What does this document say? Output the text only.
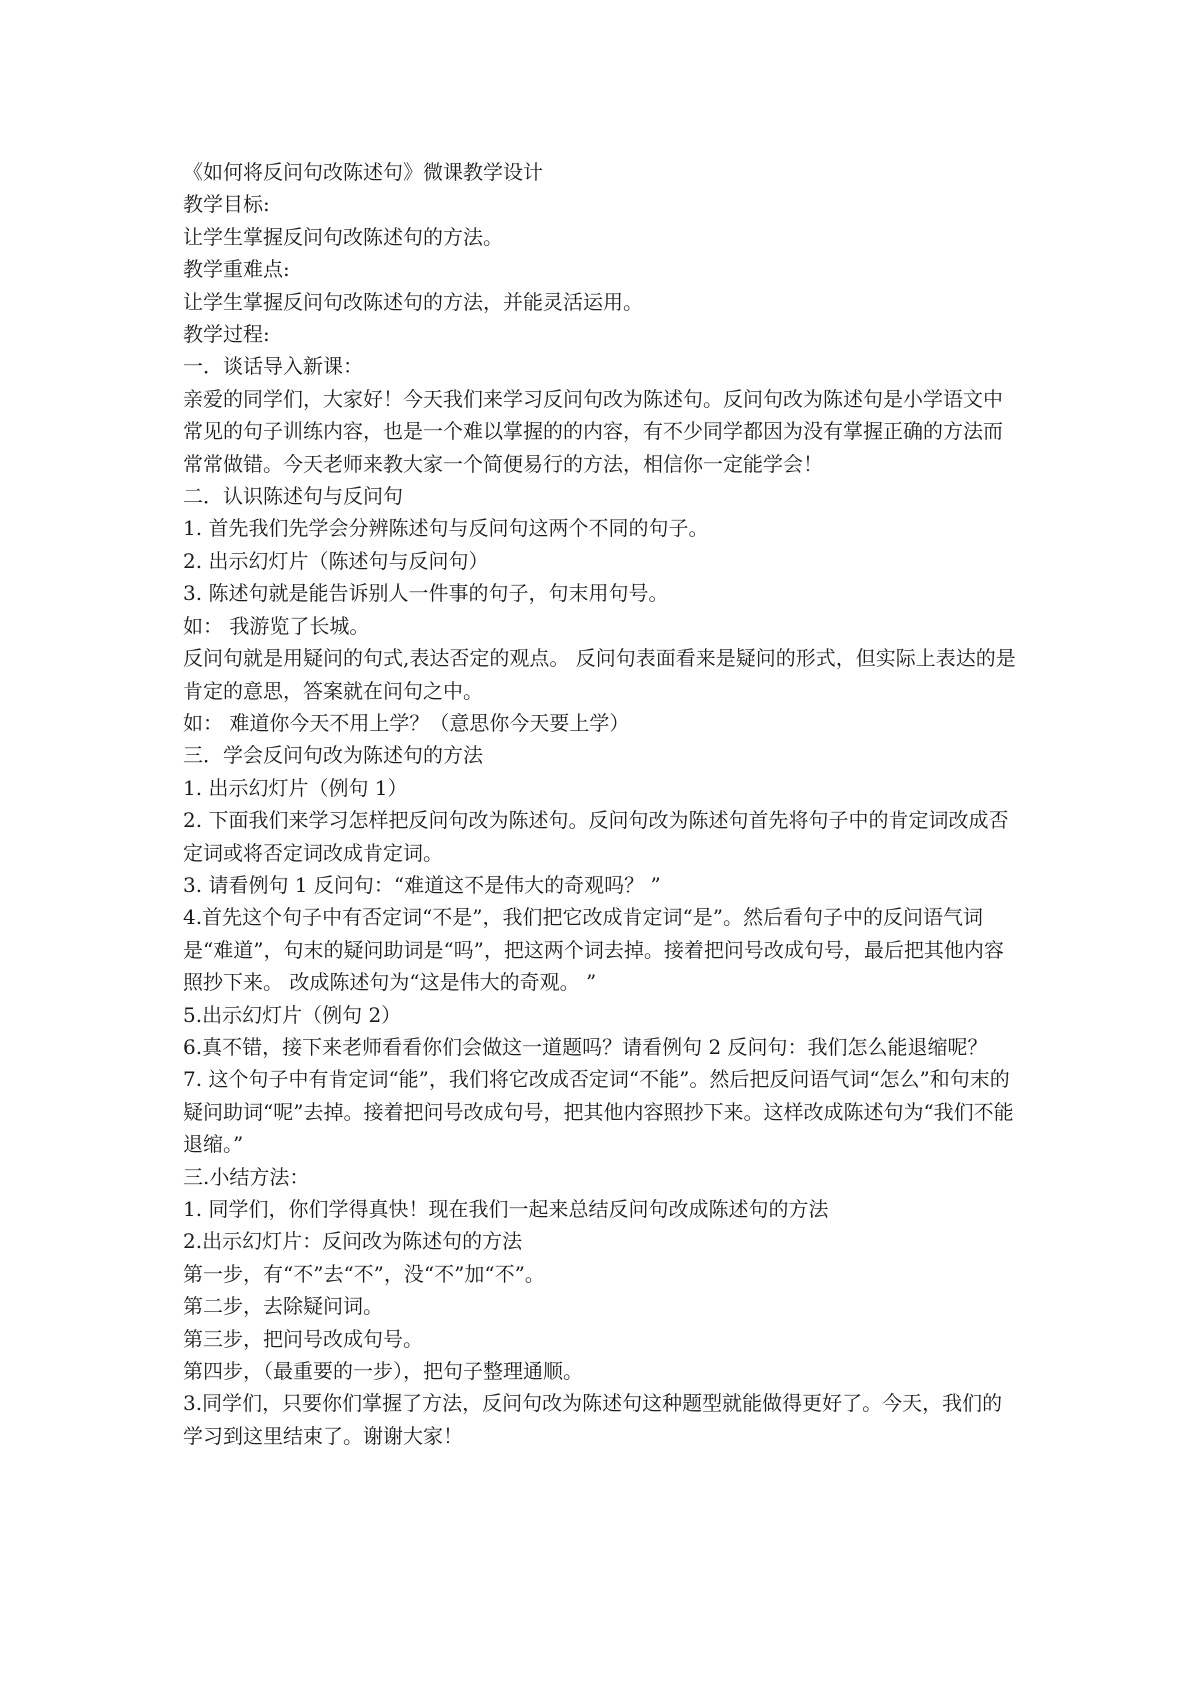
《如何将反问句改陈述句》微课教学设计

教学目标:

让学生掌握反问句改陈述句的方法。

教学重难点:

让学生掌握反问句改陈述句的方法，并能灵活运用。

教学过程:

一．谈话导入新课：

亲爱的同学们，大家好！今天我们来学习反问句改为陈述句。反问句改为陈述句是小学语文中常见的句子训练内容，也是一个难以掌握的的内容，有不少同学都因为没有掌握正确的方法而常常做错。今天老师来教大家一个简便易行的方法，相信你一定能学会！

二．认识陈述句与反问句

1. 首先我们先学会分辨陈述句与反问句这两个不同的句子。

2. 出示幻灯片（陈述句与反问句）

3. 陈述句就是能告诉别人一件事的句子，句末用句号。

如： 我游览了长城。

反问句就是用疑问的句式,表达否定的观点。 反问句表面看来是疑问的形式，但实际上表达的是肯定的意思，答案就在问句之中。

如： 难道你今天不用上学？（意思你今天要上学）

三．学会反问句改为陈述句的方法

1. 出示幻灯片（例句 1）

2. 下面我们来学习怎样把反问句改为陈述句。反问句改为陈述句首先将句子中的肯定词改成否定词或将否定词改成肯定词。

3. 请看例句 1 反问句：“难道这不是伟大的奇观吗？ ”

4.首先这个句子中有否定词“不是”，我们把它改成肯定词“是”。然后看句子中的反问语气词是“难道”，句末的疑问助词是“吗”，把这两个词去掉。接着把问号改成句号，最后把其他内容照抄下来。 改成陈述句为“这是伟大的奇观。 ”

5.出示幻灯片（例句 2）

6.真不错，接下来老师看看你们会做这一道题吗？请看例句 2 反问句：我们怎么能退缩呢？

7. 这个句子中有肯定词“能”，我们将它改成否定词“不能”。然后把反问语气词“怎么”和句末的疑问助词“呢”去掉。接着把问号改成句号，把其他内容照抄下来。这样改成陈述句为“我们不能退缩。”

三.小结方法：

1. 同学们，你们学得真快！现在我们一起来总结反问句改成陈述句的方法

2.出示幻灯片：反问改为陈述句的方法

第一步，有“不”去“不”，没“不”加“不”。

第二步，去除疑问词。

第三步，把问号改成句号。

第四步，（最重要的一步），把句子整理通顺。

3.同学们，只要你们掌握了方法，反问句改为陈述句这种题型就能做得更好了。今天，我们的学习到这里结束了。谢谢大家！
